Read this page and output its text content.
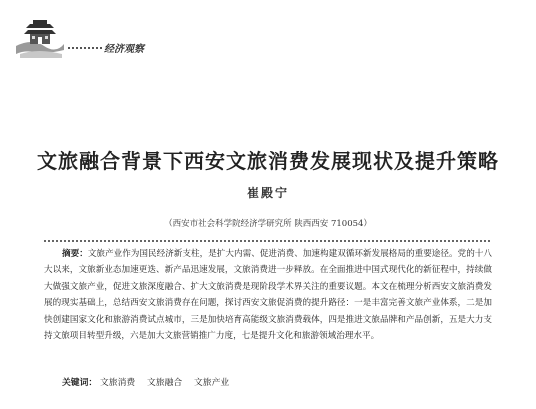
经济观察
文旅融合背景下西安文旅消费发展现状及提升策略
崔殿宁
（西安市社会科学院经济学研究所 陕西西安 710054）

摘要：文旅产业作为国民经济新支柱，是扩大内需、促进消费、加速构建双循环新发展格局的重要途径。党的十八大以来，文旅新业态加速更迭、新产品迅速发展，文旅消费进一步释放。在全面推进中国式现代化的新征程中，持续做大做强文旅产业，促进文旅深度融合、扩大文旅消费是现阶段学术界关注的重要议题。本文在梳理分析西安文旅消费发展的现实基础上，总结西安文旅消费存在问题，探讨西安文旅促消费的提升路径：一是丰富完善文旅产业体系，二是加快创建国家文化和旅游消费试点城市，三是加快培育高能级文旅消费载体，四是推进文旅品牌和产品创新，五是大力支持文旅项目转型升级，六是加大文旅营销推广力度，七是提升文化和旅游领域治理水平。

关键词： 文旅消费 文旅融合 文旅产业
